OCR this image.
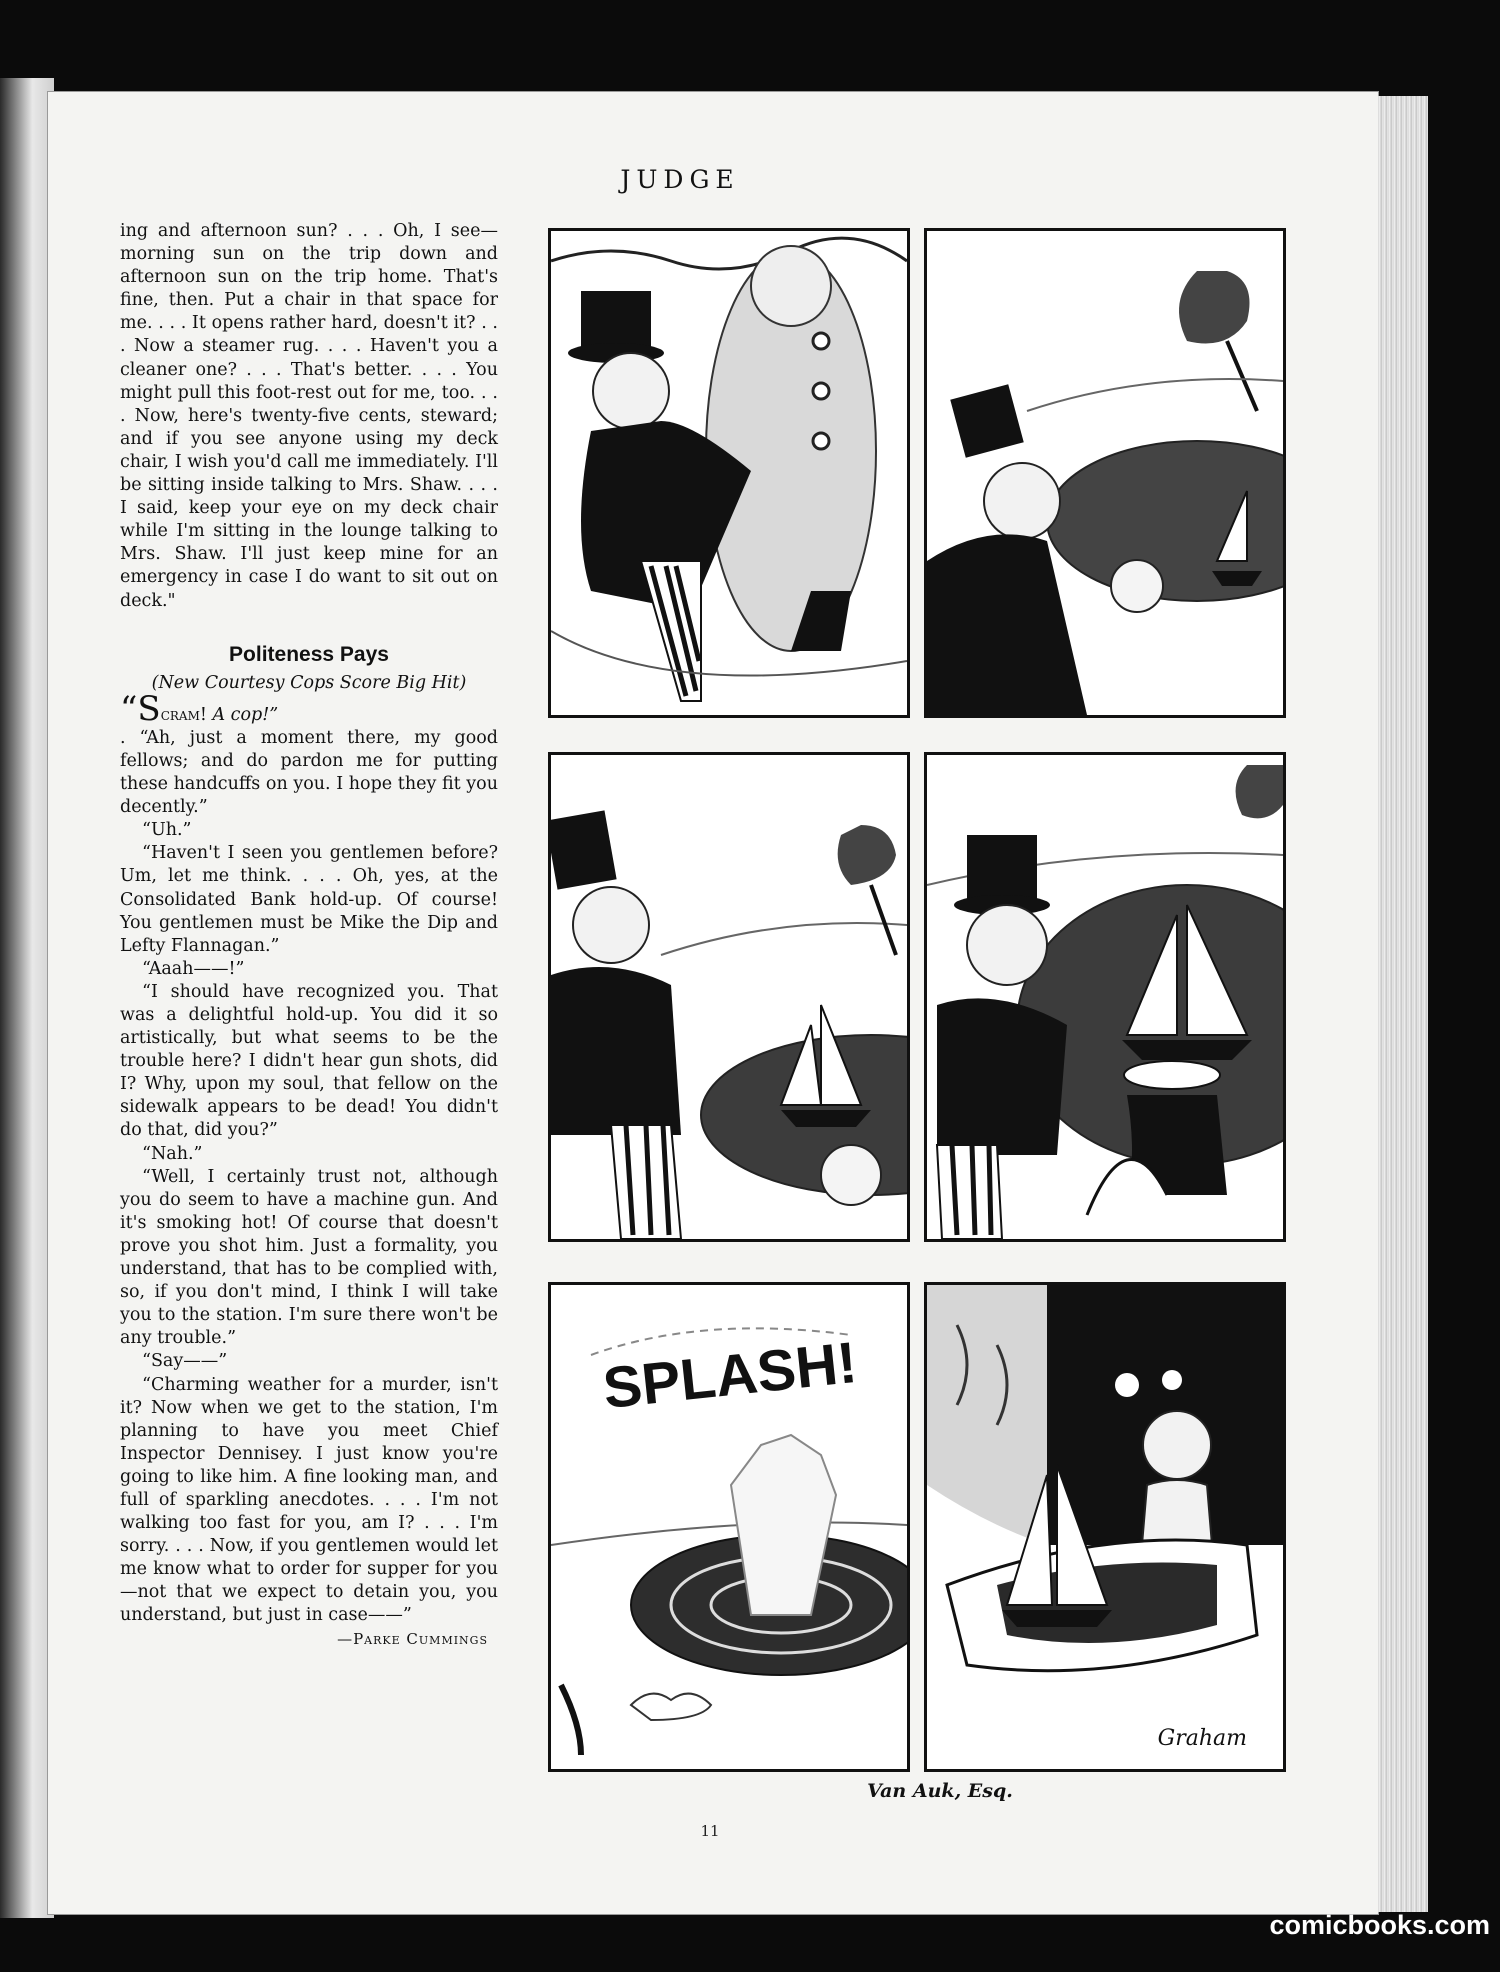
JUDGE

ing and afternoon sun? . . . Oh, I see—morning sun on the trip down and afternoon sun on the trip home. That's fine, then. Put a chair in that space for me. . . . It opens rather hard, doesn't it? . . . Now a steamer rug. . . . Haven't you a cleaner one? . . . That's better. . . . You might pull this foot-rest out for me, too. . . . Now, here's twenty-five cents, steward; and if you see anyone using my deck chair, I wish you'd call me immediately. I'll be sitting inside talking to Mrs. Shaw. . . . I said, keep your eye on my deck chair while I'm sitting in the lounge talking to Mrs. Shaw. I'll just keep mine for an emergency in case I do want to sit out on deck."

Politeness Pays

(New Courtesy Cops Score Big Hit)

“Scram! A cop!”

. “Ah, just a moment there, my good fellows; and do pardon me for putting these handcuffs on you. I hope they fit you decently.”

“Uh.”

“Haven't I seen you gentlemen before? Um, let me think. . . . Oh, yes, at the Consolidated Bank hold-up. Of course! You gentlemen must be Mike the Dip and Lefty Flannagan.”

“Aaah——!”

“I should have recognized you. That was a delightful hold-up. You did it so artistically, but what seems to be the trouble here? I didn't hear gun shots, did I? Why, upon my soul, that fellow on the sidewalk appears to be dead! You didn't do that, did you?”

“Nah.”

“Well, I certainly trust not, although you do seem to have a machine gun. And it's smoking hot! Of course that doesn't prove you shot him. Just a formality, you understand, that has to be complied with, so, if you don't mind, I think I will take you to the station. I'm sure there won't be any trouble.”

“Say——”

“Charming weather for a murder, isn't it? Now when we get to the station, I'm planning to have you meet Chief Inspector Dennisey. I just know you're going to like him. A fine looking man, and full of sparkling anecdotes. . . . I'm not walking too fast for you, am I? . . . I'm sorry. . . . Now, if you gentlemen would let me know what to order for supper for you—not that we expect to detain you, you understand, but just in case——”

—Parke Cummings

SPLASH!
Graham
Van Auk, Esq.
11
comicbooks.com
